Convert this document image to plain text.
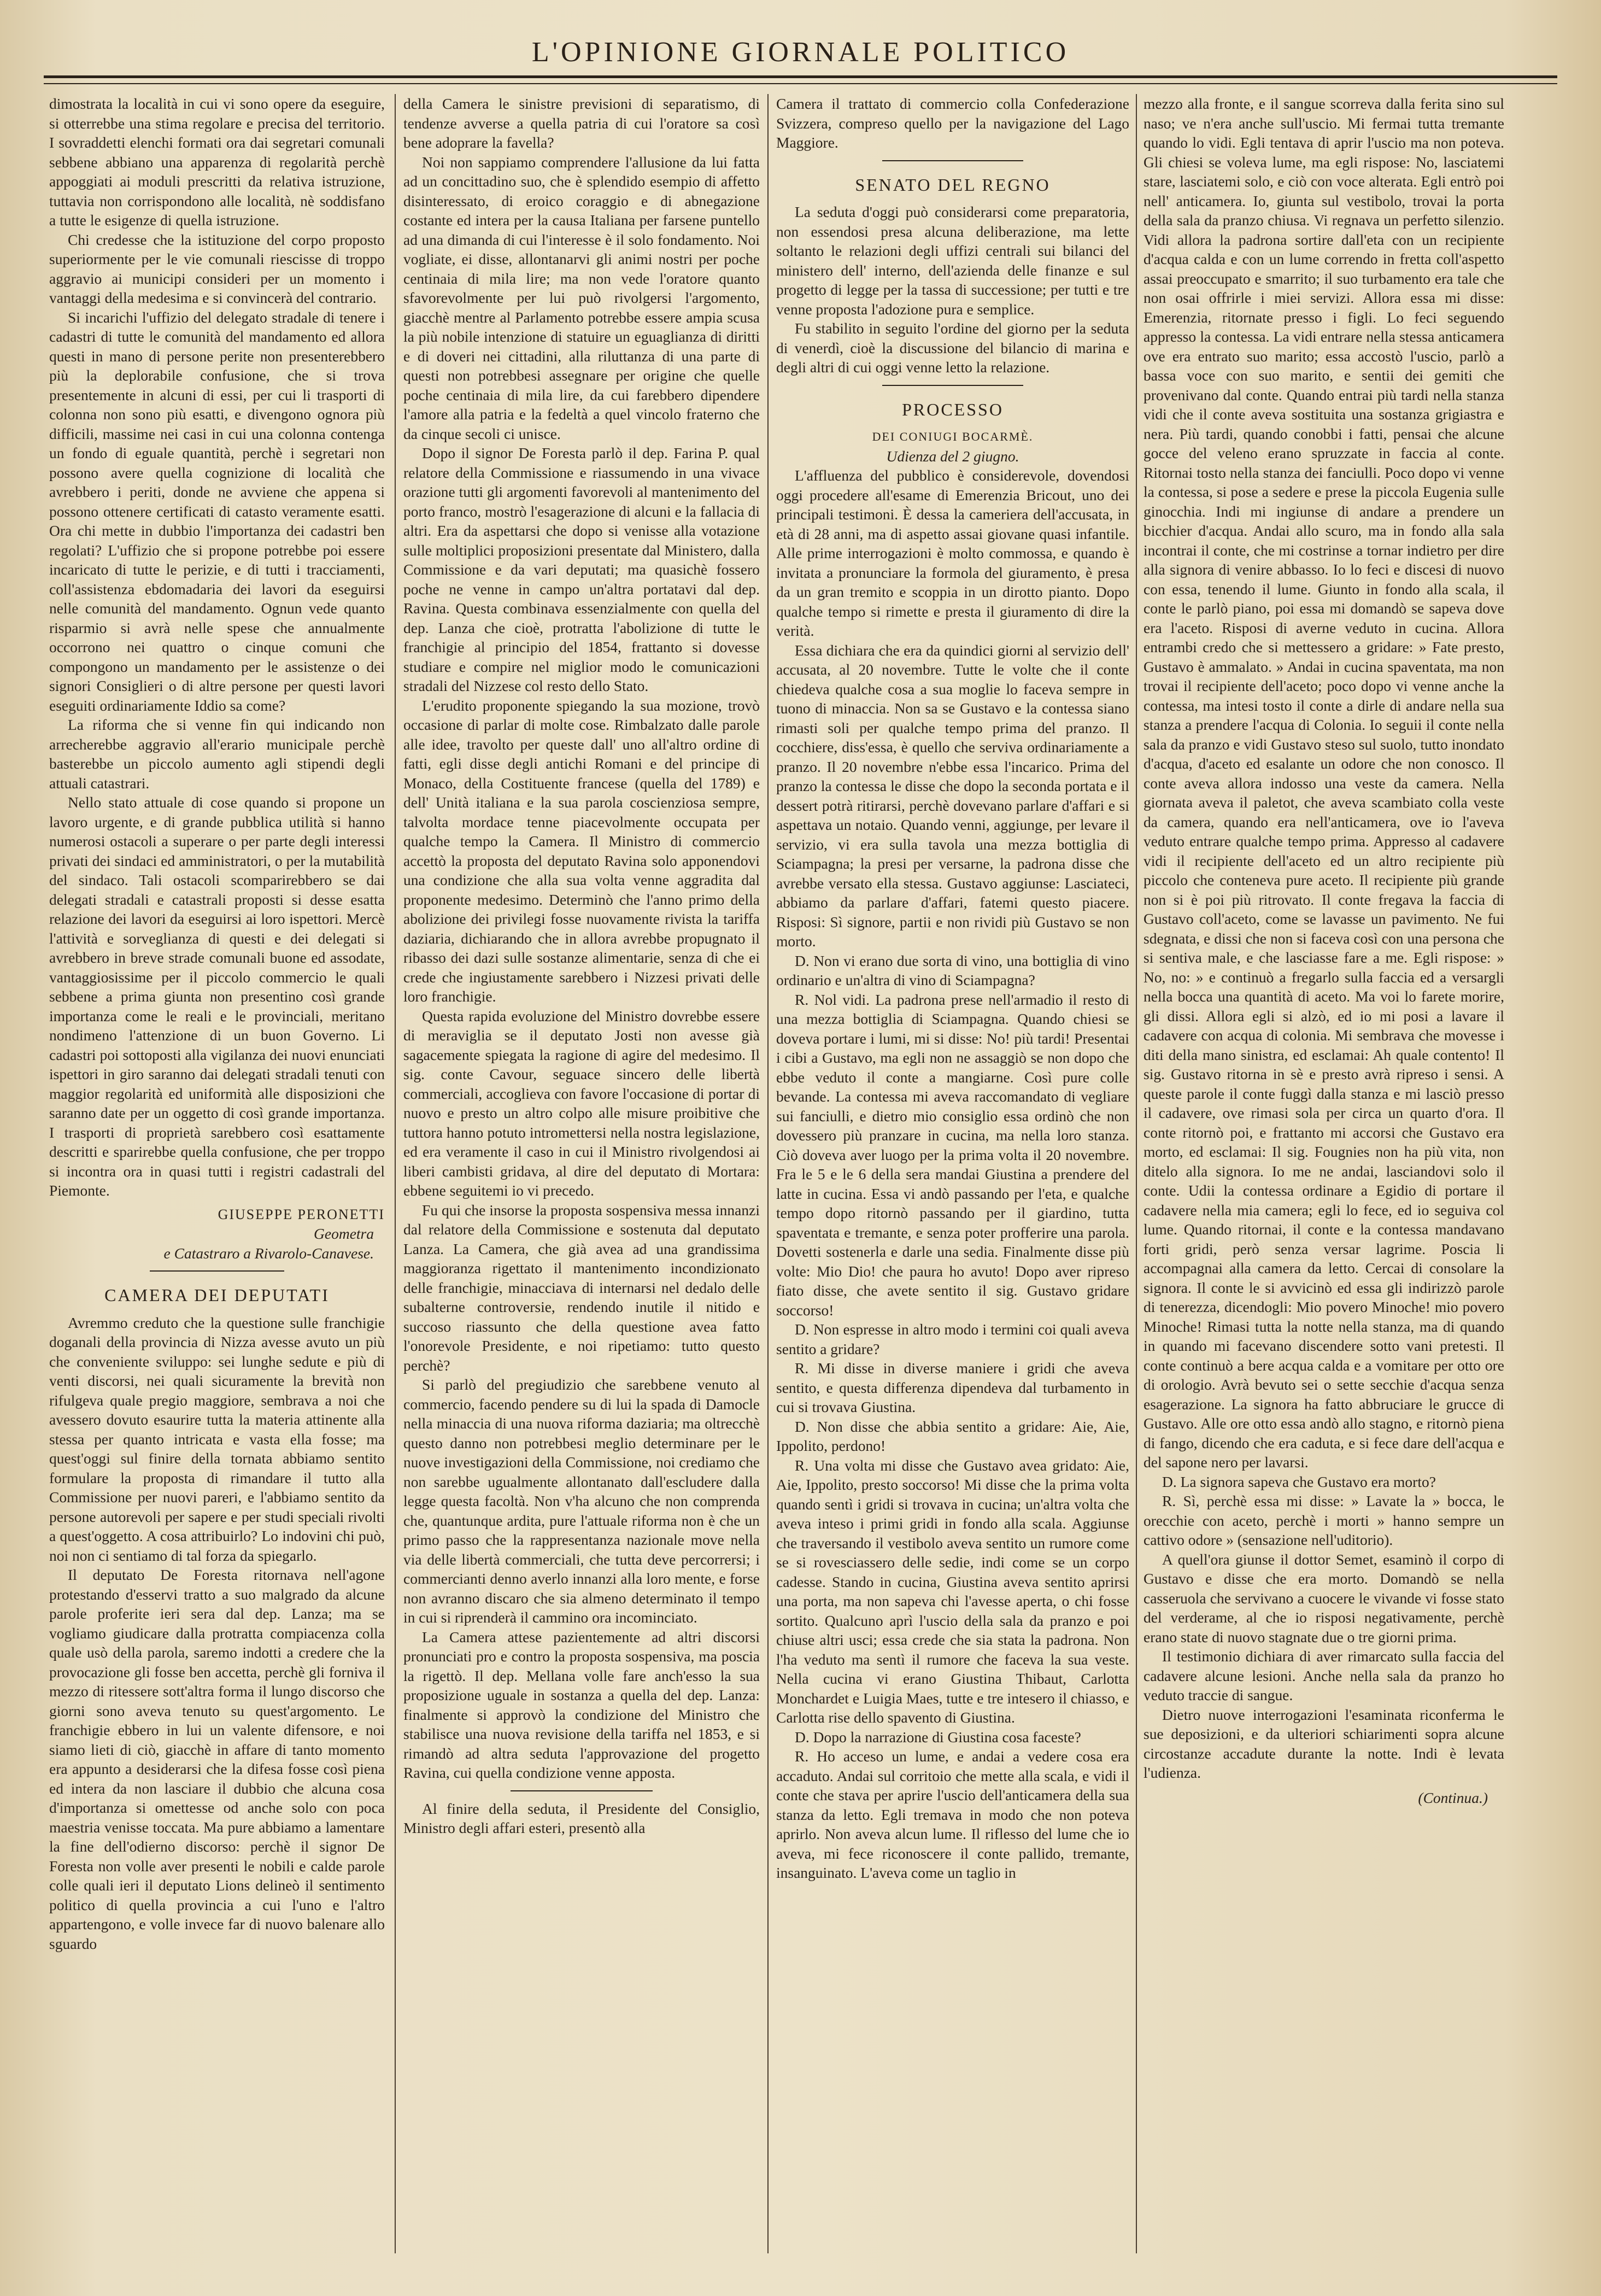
L'OPINIONE GIORNALE POLITICO

dimostrata la località in cui vi sono opere da eseguire, si otterrebbe una stima regolare e precisa del territorio. I sovraddetti elenchi formati ora dai segretari comunali sebbene abbiano una apparenza di regolarità perchè appoggiati ai moduli prescritti da relativa istruzione, tuttavia non corrispondono alle località, nè soddisfano a tutte le esigenze di quella istruzione.

Chi credesse che la istituzione del corpo proposto superiormente per le vie comunali riescisse di troppo aggravio ai municipi consideri per un momento i vantaggi della medesima e si convincerà del contrario.

Si incarichi l'uffizio del delegato stradale di tenere i cadastri di tutte le comunità del mandamento ed allora questi in mano di persone perite non presenterebbero più la deplorabile confusione, che si trova presentemente in alcuni di essi, per cui li trasporti di colonna non sono più esatti, e divengono ognora più difficili, massime nei casi in cui una colonna contenga un fondo di eguale quantità, perchè i segretari non possono avere quella cognizione di località che avrebbero i periti, donde ne avviene che appena si possono ottenere certificati di catasto veramente esatti. Ora chi mette in dubbio l'importanza dei cadastri ben regolati? L'uffizio che si propone potrebbe poi essere incaricato di tutte le perizie, e di tutti i tracciamenti, coll'assistenza ebdomadaria dei lavori da eseguirsi nelle comunità del mandamento. Ognun vede quanto risparmio si avrà nelle spese che annualmente occorrono nei quattro o cinque comuni che compongono un mandamento per le assistenze o dei signori Consiglieri o di altre persone per questi lavori eseguiti ordinariamente Iddio sa come?

La riforma che si venne fin qui indicando non arrecherebbe aggravio all'erario municipale perchè basterebbe un piccolo aumento agli stipendi degli attuali catastrari.

Nello stato attuale di cose quando si propone un lavoro urgente, e di grande pubblica utilità si hanno numerosi ostacoli a superare o per parte degli interessi privati dei sindaci ed amministratori, o per la mutabilità del sindaco. Tali ostacoli scomparirebbero se dai delegati stradali e catastrali proposti si desse esatta relazione dei lavori da eseguirsi ai loro ispettori. Mercè l'attività e sorveglianza di questi e dei delegati si avrebbero in breve strade comunali buone ed assodate, vantaggiosissime per il piccolo commercio le quali sebbene a prima giunta non presentino così grande importanza come le reali e le provinciali, meritano nondimeno l'attenzione di un buon Governo. Li cadastri poi sottoposti alla vigilanza dei nuovi enunciati ispettori in giro saranno dai delegati stradali tenuti con maggior regolarità ed uniformità alle disposizioni che saranno date per un oggetto di così grande importanza. I trasporti di proprietà sarebbero così esattamente descritti e sparirebbe quella confusione, che per troppo si incontra ora in quasi tutti i registri cadastrali del Piemonte.

GIUSEPPE PERONETTI
Geometra
e Catastraro a Rivarolo-Canavese.
CAMERA DEI DEPUTATI

Avremmo creduto che la questione sulle franchigie doganali della provincia di Nizza avesse avuto un più che conveniente sviluppo: sei lunghe sedute e più di venti discorsi, nei quali sicuramente la brevità non rifulgeva quale pregio maggiore, sembrava a noi che avessero dovuto esaurire tutta la materia attinente alla stessa per quanto intricata e vasta ella fosse; ma quest'oggi sul finire della tornata abbiamo sentito formulare la proposta di rimandare il tutto alla Commissione per nuovi pareri, e l'abbiamo sentito da persone autorevoli per sapere e per studi speciali rivolti a quest'oggetto. A cosa attribuirlo? Lo indovini chi può, noi non ci sentiamo di tal forza da spiegarlo.

Il deputato De Foresta ritornava nell'agone protestando d'esservi tratto a suo malgrado da alcune parole proferite ieri sera dal dep. Lanza; ma se vogliamo giudicare dalla protratta compiacenza colla quale usò della parola, saremo indotti a credere che la provocazione gli fosse ben accetta, perchè gli forniva il mezzo di ritessere sott'altra forma il lungo discorso che giorni sono aveva tenuto su quest'argomento. Le franchigie ebbero in lui un valente difensore, e noi siamo lieti di ciò, giacchè in affare di tanto momento era appunto a desiderarsi che la difesa fosse così piena ed intera da non lasciare il dubbio che alcuna cosa d'importanza si omettesse od anche solo con poca maestria venisse toccata. Ma pure abbiamo a lamentare la fine dell'odierno discorso: perchè il signor De Foresta non volle aver presenti le nobili e calde parole colle quali ieri il deputato Lions delineò il sentimento politico di quella provincia a cui l'uno e l'altro appartengono, e volle invece far di nuovo balenare allo sguardo

della Camera le sinistre previsioni di separatismo, di tendenze avverse a quella patria di cui l'oratore sa così bene adoprare la favella?

Noi non sappiamo comprendere l'allusione da lui fatta ad un concittadino suo, che è splendido esempio di affetto disinteressato, di eroico coraggio e di abnegazione costante ed intera per la causa Italiana per farsene puntello ad una dimanda di cui l'interesse è il solo fondamento. Noi vogliate, ei disse, allontanarvi gli animi nostri per poche centinaia di mila lire; ma non vede l'oratore quanto sfavorevolmente per lui può rivolgersi l'argomento, giacchè mentre al Parlamento potrebbe essere ampia scusa la più nobile intenzione di statuire un eguaglianza di diritti e di doveri nei cittadini, alla riluttanza di una parte di questi non potrebbesi assegnare per origine che quelle poche centinaia di mila lire, da cui farebbero dipendere l'amore alla patria e la fedeltà a quel vincolo fraterno che da cinque secoli ci unisce.

Dopo il signor De Foresta parlò il dep. Farina P. qual relatore della Commissione e riassumendo in una vivace orazione tutti gli argomenti favorevoli al mantenimento del porto franco, mostrò l'esagerazione di alcuni e la fallacia di altri. Era da aspettarsi che dopo si venisse alla votazione sulle moltiplici proposizioni presentate dal Ministero, dalla Commissione e da vari deputati; ma quasichè fossero poche ne venne in campo un'altra portatavi dal dep. Ravina. Questa combinava essenzialmente con quella del dep. Lanza che cioè, protratta l'abolizione di tutte le franchigie al principio del 1854, frattanto si dovesse studiare e compire nel miglior modo le comunicazioni stradali del Nizzese col resto dello Stato.

L'erudito proponente spiegando la sua mozione, trovò occasione di parlar di molte cose. Rimbalzato dalle parole alle idee, travolto per queste dall' uno all'altro ordine di fatti, egli disse degli antichi Romani e del principe di Monaco, della Costituente francese (quella del 1789) e dell' Unità italiana e la sua parola coscienziosa sempre, talvolta mordace tenne piacevolmente occupata per qualche tempo la Camera. Il Ministro di commercio accettò la proposta del deputato Ravina solo apponendovi una condizione che alla sua volta venne aggradita dal proponente medesimo. Determinò che l'anno primo della abolizione dei privilegi fosse nuovamente rivista la tariffa daziaria, dichiarando che in allora avrebbe propugnato il ribasso dei dazi sulle sostanze alimentarie, senza di che ei crede che ingiustamente sarebbero i Nizzesi privati delle loro franchigie.

Questa rapida evoluzione del Ministro dovrebbe essere di meraviglia se il deputato Josti non avesse già sagacemente spiegata la ragione di agire del medesimo. Il sig. conte Cavour, seguace sincero delle libertà commerciali, accoglieva con favore l'occasione di portar di nuovo e presto un altro colpo alle misure proibitive che tuttora hanno potuto intromettersi nella nostra legislazione, ed era veramente il caso in cui il Ministro rivolgendosi ai liberi cambisti gridava, al dire del deputato di Mortara: ebbene seguitemi io vi precedo.

Fu qui che insorse la proposta sospensiva messa innanzi dal relatore della Commissione e sostenuta dal deputato Lanza. La Camera, che già avea ad una grandissima maggioranza rigettato il mantenimento incondizionato delle franchigie, minacciava di internarsi nel dedalo delle subalterne controversie, rendendo inutile il nitido e succoso riassunto che della questione avea fatto l'onorevole Presidente, e noi ripetiamo: tutto questo perchè?

Si parlò del pregiudizio che sarebbene venuto al commercio, facendo pendere su di lui la spada di Damocle nella minaccia di una nuova riforma daziaria; ma oltrecchè questo danno non potrebbesi meglio determinare per le nuove investigazioni della Commissione, noi crediamo che non sarebbe ugualmente allontanato dall'escludere dalla legge questa facoltà. Non v'ha alcuno che non comprenda che, quantunque ardita, pure l'attuale riforma non è che un primo passo che la rappresentanza nazionale move nella via delle libertà commerciali, che tutta deve percorrersi; i commercianti denno averlo innanzi alla loro mente, e forse non avranno discaro che sia almeno determinato il tempo in cui si riprenderà il cammino ora incominciato.

La Camera attese pazientemente ad altri discorsi pronunciati pro e contro la proposta sospensiva, ma poscia la rigettò. Il dep. Mellana volle fare anch'esso la sua proposizione uguale in sostanza a quella del dep. Lanza: finalmente si approvò la condizione del Ministro che stabilisce una nuova revisione della tariffa nel 1853, e si rimandò ad altra seduta l'approvazione del progetto Ravina, cui quella condizione venne apposta.

Al finire della seduta, il Presidente del Consiglio, Ministro degli affari esteri, presentò alla

Camera il trattato di commercio colla Confederazione Svizzera, compreso quello per la navigazione del Lago Maggiore.

SENATO DEL REGNO

La seduta d'oggi può considerarsi come preparatoria, non essendosi presa alcuna deliberazione, ma lette soltanto le relazioni degli uffizi centrali sui bilanci del ministero dell' interno, dell'azienda delle finanze e sul progetto di legge per la tassa di successione; per tutti e tre venne proposta l'adozione pura e semplice.

Fu stabilito in seguito l'ordine del giorno per la seduta di venerdì, cioè la discussione del bilancio di marina e degli altri di cui oggi venne letto la relazione.

PROCESSO
DEI CONIUGI BOCARMÈ.
Udienza del 2 giugno.

L'affluenza del pubblico è considerevole, dovendosi oggi procedere all'esame di Emerenzia Bricout, uno dei principali testimoni. È dessa la cameriera dell'accusata, in età di 28 anni, ma di aspetto assai giovane quasi infantile. Alle prime interrogazioni è molto commossa, e quando è invitata a pronunciare la formola del giuramento, è presa da un gran tremito e scoppia in un dirotto pianto. Dopo qualche tempo si rimette e presta il giuramento di dire la verità.

Essa dichiara che era da quindici giorni al servizio dell' accusata, al 20 novembre. Tutte le volte che il conte chiedeva qualche cosa a sua moglie lo faceva sempre in tuono di minaccia. Non sa se Gustavo e la contessa siano rimasti soli per qualche tempo prima del pranzo. Il cocchiere, diss'essa, è quello che serviva ordinariamente a pranzo. Il 20 novembre n'ebbe essa l'incarico. Prima del pranzo la contessa le disse che dopo la seconda portata e il dessert potrà ritirarsi, perchè dovevano parlare d'affari e si aspettava un notaio. Quando venni, aggiunge, per levare il servizio, vi era sulla tavola una mezza bottiglia di Sciampagna; la presi per versarne, la padrona disse che avrebbe versato ella stessa. Gustavo aggiunse: Lasciateci, abbiamo da parlare d'affari, fatemi questo piacere. Risposi: Sì signore, partii e non rividi più Gustavo se non morto.

D. Non vi erano due sorta di vino, una bottiglia di vino ordinario e un'altra di vino di Sciampagna?

R. Nol vidi. La padrona prese nell'armadio il resto di una mezza bottiglia di Sciampagna. Quando chiesi se doveva portare i lumi, mi si disse: No! più tardi! Presentai i cibi a Gustavo, ma egli non ne assaggiò se non dopo che ebbe veduto il conte a mangiarne. Così pure colle bevande. La contessa mi aveva raccomandato di vegliare sui fanciulli, e dietro mio consiglio essa ordinò che non dovessero più pranzare in cucina, ma nella loro stanza. Ciò doveva aver luogo per la prima volta il 20 novembre. Fra le 5 e le 6 della sera mandai Giustina a prendere del latte in cucina. Essa vi andò passando per l'eta, e qualche tempo dopo ritornò passando per il giardino, tutta spaventata e tremante, e senza poter profferire una parola. Dovetti sostenerla e darle una sedia. Finalmente disse più volte: Mio Dio! che paura ho avuto! Dopo aver ripreso fiato disse, che avete sentito il sig. Gustavo gridare soccorso!

D. Non espresse in altro modo i termini coi quali aveva sentito a gridare?

R. Mi disse in diverse maniere i gridi che aveva sentito, e questa differenza dipendeva dal turbamento in cui si trovava Giustina.

D. Non disse che abbia sentito a gridare: Aie, Aie, Ippolito, perdono!

R. Una volta mi disse che Gustavo avea gridato: Aie, Aie, Ippolito, presto soccorso! Mi disse che la prima volta quando sentì i gridi si trovava in cucina; un'altra volta che aveva inteso i primi gridi in fondo alla scala. Aggiunse che traversando il vestibolo aveva sentito un rumore come se si rovesciassero delle sedie, indi come se un corpo cadesse. Stando in cucina, Giustina aveva sentito aprirsi una porta, ma non sapeva chi l'avesse aperta, o chi fosse sortito. Qualcuno aprì l'uscio della sala da pranzo e poi chiuse altri usci; essa crede che sia stata la padrona. Non l'ha veduto ma sentì il rumore che faceva la sua veste. Nella cucina vi erano Giustina Thibaut, Carlotta Monchardet e Luigia Maes, tutte e tre intesero il chiasso, e Carlotta rise dello spavento di Giustina.

D. Dopo la narrazione di Giustina cosa faceste?

R. Ho acceso un lume, e andai a vedere cosa era accaduto. Andai sul corritoio che mette alla scala, e vidi il conte che stava per aprire l'uscio dell'anticamera della sua stanza da letto. Egli tremava in modo che non poteva aprirlo. Non aveva alcun lume. Il riflesso del lume che io aveva, mi fece riconoscere il conte pallido, tremante, insanguinato. L'aveva come un taglio in

mezzo alla fronte, e il sangue scorreva dalla ferita sino sul naso; ve n'era anche sull'uscio. Mi fermai tutta tremante quando lo vidi. Egli tentava di aprir l'uscio ma non poteva. Gli chiesi se voleva lume, ma egli rispose: No, lasciatemi stare, lasciatemi solo, e ciò con voce alterata. Egli entrò poi nell' anticamera. Io, giunta sul vestibolo, trovai la porta della sala da pranzo chiusa. Vi regnava un perfetto silenzio. Vidi allora la padrona sortire dall'eta con un recipiente d'acqua calda e con un lume correndo in fretta coll'aspetto assai preoccupato e smarrito; il suo turbamento era tale che non osai offrirle i miei servizi. Allora essa mi disse: Emerenzia, ritornate presso i figli. Lo feci seguendo appresso la contessa. La vidi entrare nella stessa anticamera ove era entrato suo marito; essa accostò l'uscio, parlò a bassa voce con suo marito, e sentii dei gemiti che provenivano dal conte. Quando entrai più tardi nella stanza vidi che il conte aveva sostituita una sostanza grigiastra e nera. Più tardi, quando conobbi i fatti, pensai che alcune gocce del veleno erano spruzzate in faccia al conte. Ritornai tosto nella stanza dei fanciulli. Poco dopo vi venne la contessa, si pose a sedere e prese la piccola Eugenia sulle ginocchia. Indi mi ingiunse di andare a prendere un bicchier d'acqua. Andai allo scuro, ma in fondo alla sala incontrai il conte, che mi costrinse a tornar indietro per dire alla signora di venire abbasso. Io lo feci e discesi di nuovo con essa, tenendo il lume. Giunto in fondo alla scala, il conte le parlò piano, poi essa mi domandò se sapeva dove era l'aceto. Risposi di averne veduto in cucina. Allora entrambi credo che si mettessero a gridare: » Fate presto, Gustavo è ammalato. » Andai in cucina spaventata, ma non trovai il recipiente dell'aceto; poco dopo vi venne anche la contessa, ma intesi tosto il conte a dirle di andare nella sua stanza a prendere l'acqua di Colonia. Io seguii il conte nella sala da pranzo e vidi Gustavo steso sul suolo, tutto inondato d'acqua, d'aceto ed esalante un odore che non conosco. Il conte aveva allora indosso una veste da camera. Nella giornata aveva il paletot, che aveva scambiato colla veste da camera, quando era nell'anticamera, ove io l'aveva veduto entrare qualche tempo prima. Appresso al cadavere vidi il recipiente dell'aceto ed un altro recipiente più piccolo che conteneva pure aceto. Il recipiente più grande non si è poi più ritrovato. Il conte fregava la faccia di Gustavo coll'aceto, come se lavasse un pavimento. Ne fui sdegnata, e dissi che non si faceva così con una persona che si sentiva male, e che lasciasse fare a me. Egli rispose: » No, no: » e continuò a fregarlo sulla faccia ed a versargli nella bocca una quantità di aceto. Ma voi lo farete morire, gli dissi. Allora egli si alzò, ed io mi posi a lavare il cadavere con acqua di colonia. Mi sembrava che movesse i diti della mano sinistra, ed esclamai: Ah quale contento! Il sig. Gustavo ritorna in sè e presto avrà ripreso i sensi. A queste parole il conte fuggì dalla stanza e mi lasciò presso il cadavere, ove rimasi sola per circa un quarto d'ora. Il conte ritornò poi, e frattanto mi accorsi che Gustavo era morto, ed esclamai: Il sig. Fougnies non ha più vita, non ditelo alla signora. Io me ne andai, lasciandovi solo il conte. Udii la contessa ordinare a Egidio di portare il cadavere nella mia camera; egli lo fece, ed io seguiva col lume. Quando ritornai, il conte e la contessa mandavano forti gridi, però senza versar lagrime. Poscia li accompagnai alla camera da letto. Cercai di consolare la signora. Il conte le si avvicinò ed essa gli indirizzò parole di tenerezza, dicendogli: Mio povero Minoche! mio povero Minoche! Rimasi tutta la notte nella stanza, ma di quando in quando mi facevano discendere sotto vani pretesti. Il conte continuò a bere acqua calda e a vomitare per otto ore di orologio. Avrà bevuto sei o sette secchie d'acqua senza esagerazione. La signora ha fatto abbruciare le grucce di Gustavo. Alle ore otto essa andò allo stagno, e ritornò piena di fango, dicendo che era caduta, e si fece dare dell'acqua e del sapone nero per lavarsi.

D. La signora sapeva che Gustavo era morto?

R. Sì, perchè essa mi disse: » Lavate la » bocca, le orecchie con aceto, perchè i morti » hanno sempre un cattivo odore » (sensazione nell'uditorio).

A quell'ora giunse il dottor Semet, esaminò il corpo di Gustavo e disse che era morto. Domandò se nella casseruola che servivano a cuocere le vivande vi fosse stato del verderame, al che io risposi negativamente, perchè erano state di nuovo stagnate due o tre giorni prima.

Il testimonio dichiara di aver rimarcato sulla faccia del cadavere alcune lesioni. Anche nella sala da pranzo ho veduto traccie di sangue.

Dietro nuove interrogazioni l'esaminata riconferma le sue deposizioni, e da ulteriori schiarimenti sopra alcune circostanze accadute durante la notte. Indi è levata l'udienza.

(Continua.)
